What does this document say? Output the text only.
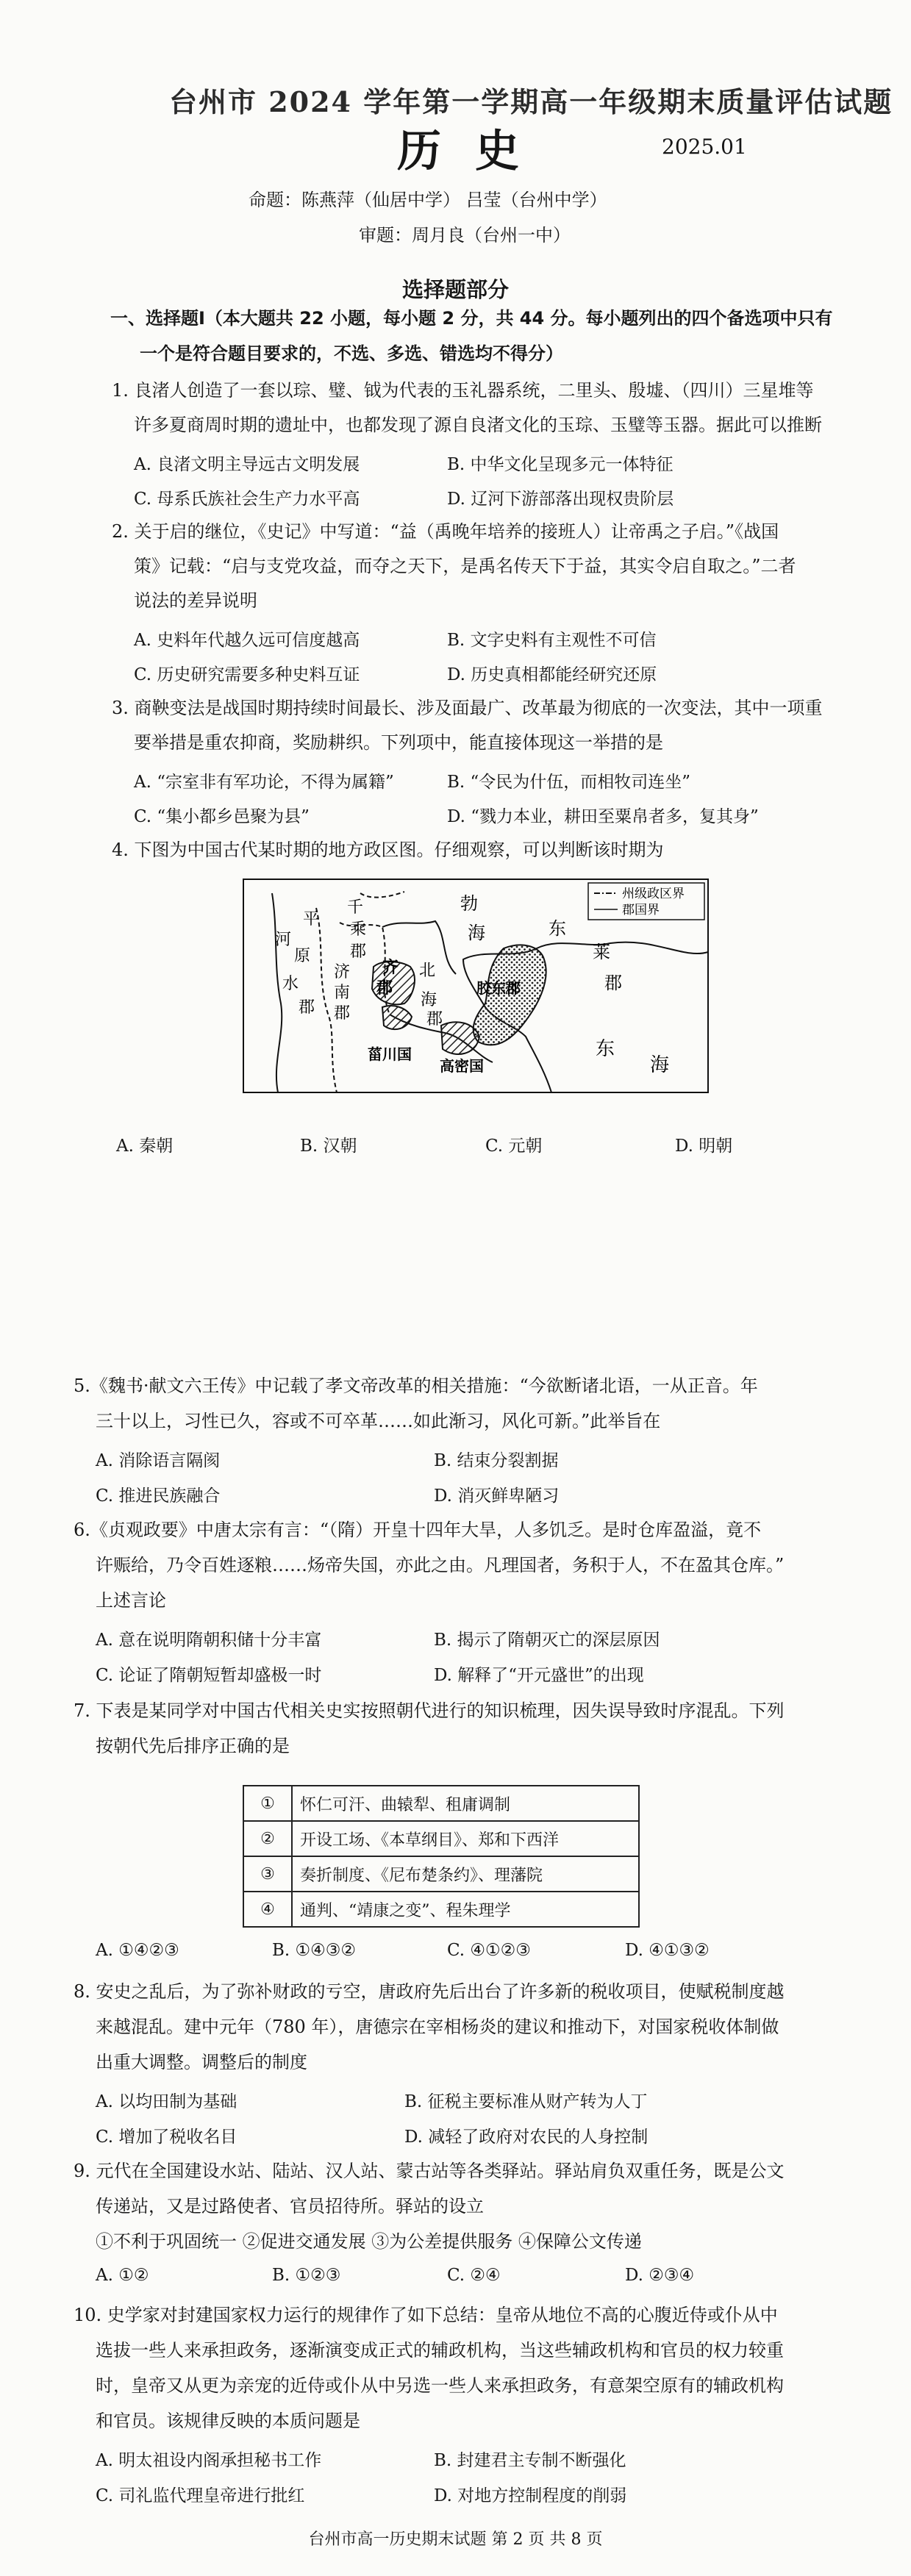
台州市 2024 学年第一学期高一年级期末质量评估试题
历史	2025.01
命题：陈燕萍（仙居中学） 吕莹（台州中学）
审题：周月良（台州一中）
选择题部分
一、选择题Ⅰ（本大题共 22 小题，每小题 2 分，共 44 分。每小题列出的四个备选项中只有
一个是符合题目要求的，不选、多选、错选均不得分）
1. 良渚人创造了一套以琮、璧、钺为代表的玉礼器系统，二里头、殷墟、（四川）三星堆等
许多夏商周时期的遗址中，也都发现了源自良渚文化的玉琮、玉璧等玉器。据此可以推断
A. 良渚文明主导远古文明发展	B. 中华文化呈现多元一体特征
C. 母系氏族社会生产力水平高	D. 辽河下游部落出现权贵阶层
2. 关于启的继位，《史记》中写道：“益（禹晚年培养的接班人）让帝禹之子启。”《战国
策》记载：“启与支党攻益，而夺之天下，是禹名传天下于益，其实令启自取之。”二者
说法的差异说明
A. 史料年代越久远可信度越高	B. 文字史料有主观性不可信
C. 历史研究需要多种史料互证	D. 历史真相都能经研究还原
3. 商鞅变法是战国时期持续时间最长、涉及面最广、改革最为彻底的一次变法，其中一项重
要举措是重农抑商，奖励耕织。下列项中，能直接体现这一举措的是
A. “宗室非有军功论，不得为属籍”	B. “令民为什伍，而相牧司连坐”
C. “集小都乡邑聚为县”	D. “戮力本业，耕田至粟帛者多，复其身”
4. 下图为中国古代某时期的地方政区图。仔细观察，可以判断该时期为
州级政区界
郡国界
河
平
原
水
郡
千
乘
郡
济
南
郡
齐
郡
北
海
郡
勃
海	东
莱
郡
东
海
胶东郡
菑川国
高密国
A. 秦朝	B. 汉朝	C. 元朝	D. 明朝
5.《魏书·献文六王传》中记载了孝文帝改革的相关措施：“今欲断诸北语，一从正音。年
三十以上，习性已久，容或不可卒革……如此渐习，风化可新。”此举旨在
A. 消除语言隔阂	B. 结束分裂割据
C. 推进民族融合	D. 消灭鲜卑陋习
6.《贞观政要》中唐太宗有言：“（隋）开皇十四年大旱，人多饥乏。是时仓库盈溢，竟不
许赈给，乃令百姓逐粮……炀帝失国，亦此之由。凡理国者，务积于人，不在盈其仓库。”
上述言论
A. 意在说明隋朝积储十分丰富	B. 揭示了隋朝灭亡的深层原因
C. 论证了隋朝短暂却盛极一时	D. 解释了“开元盛世”的出现
7. 下表是某同学对中国古代相关史实按照朝代进行的知识梳理，因失误导致时序混乱。下列
按朝代先后排序正确的是
①	怀仁可汗、曲辕犁、租庸调制
②	开设工场、《本草纲目》、郑和下西洋
③	奏折制度、《尼布楚条约》、理藩院
④	通判、“靖康之变”、程朱理学
A. ①④②③	B. ①④③②	C. ④①②③	D. ④①③②
8. 安史之乱后，为了弥补财政的亏空，唐政府先后出台了许多新的税收项目，使赋税制度越
来越混乱。建中元年（780 年），唐德宗在宰相杨炎的建议和推动下，对国家税收体制做
出重大调整。调整后的制度
A. 以均田制为基础	B. 征税主要标准从财产转为人丁
C. 增加了税收名目	D. 减轻了政府对农民的人身控制
9. 元代在全国建设水站、陆站、汉人站、蒙古站等各类驿站。驿站肩负双重任务，既是公文
传递站，又是过路使者、官员招待所。驿站的设立
①不利于巩固统一 ②促进交通发展 ③为公差提供服务 ④保障公文传递
A. ①②	B. ①②③	C. ②④	D. ②③④
10. 史学家对封建国家权力运行的规律作了如下总结：皇帝从地位不高的心腹近侍或仆从中
选拔一些人来承担政务，逐渐演变成正式的辅政机构，当这些辅政机构和官员的权力较重
时，皇帝又从更为亲宠的近侍或仆从中另选一些人来承担政务，有意架空原有的辅政机构
和官员。该规律反映的本质问题是
A. 明太祖设内阁承担秘书工作	B. 封建君主专制不断强化
C. 司礼监代理皇帝进行批红	D. 对地方控制程度的削弱
台州市高一历史期末试题 第 2 页 共 8 页
